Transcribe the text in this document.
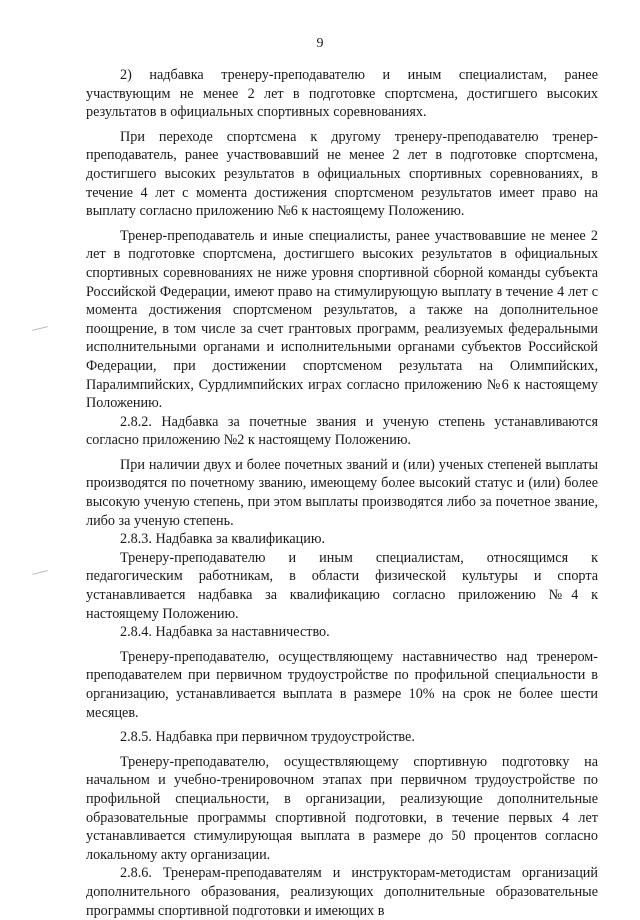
9

2) надбавка тренеру-преподавателю и иным специалистам, ранее участвующим не менее 2 лет в подготовке спортсмена, достигшего высоких результатов в официальных спортивных соревнованиях.

При переходе спортсмена к другому тренеру-преподавателю тренер-преподаватель, ранее участвовавший не менее 2 лет в подготовке спортсмена, достигшего высоких результатов в официальных спортивных соревнованиях, в течение 4 лет с момента достижения спортсменом результатов имеет право на выплату согласно приложению №6 к настоящему Положению.

Тренер-преподаватель и иные специалисты, ранее участвовавшие не менее 2 лет в подготовке спортсмена, достигшего высоких результатов в официальных спортивных соревнованиях не ниже уровня спортивной сборной команды субъекта Российской Федерации, имеют право на стимулирующую выплату в течение 4 лет с момента достижения спортсменом результатов, а также на дополнительное поощрение, в том числе за счет грантовых программ, реализуемых федеральными исполнительными органами и исполнительными органами субъектов Российской Федерации, при достижении спортсменом результата на Олимпийских, Паралимпийских, Сурдлимпийских играх согласно приложению №6 к настоящему Положению.

2.8.2. Надбавка за почетные звания и ученую степень устанавливаются согласно приложению №2 к настоящему Положению.

При наличии двух и более почетных званий и (или) ученых степеней выплаты производятся по почетному званию, имеющему более высокий статус и (или) более высокую ученую степень, при этом выплаты производятся либо за почетное звание, либо за ученую степень.

2.8.3. Надбавка за квалификацию.

Тренеру-преподавателю и иным специалистам, относящимся к педагогическим работникам, в области физической культуры и спорта устанавливается надбавка за квалификацию согласно приложению №4 к настоящему Положению.

2.8.4. Надбавка за наставничество.

Тренеру-преподавателю, осуществляющему наставничество над тренером-преподавателем при первичном трудоустройстве по профильной специальности в организацию, устанавливается выплата в размере 10% на срок не более шести месяцев.

2.8.5. Надбавка при первичном трудоустройстве.

Тренеру-преподавателю, осуществляющему спортивную подготовку на начальном и учебно-тренировочном этапах при первичном трудоустройстве по профильной специальности, в организации, реализующие дополнительные образовательные программы спортивной подготовки, в течение первых 4 лет устанавливается стимулирующая выплата в размере до 50 процентов согласно локальному акту организации.

2.8.6. Тренерам-преподавателям и инструкторам-методистам организаций дополнительного образования, реализующих дополнительные образовательные программы спортивной подготовки и имеющих в
